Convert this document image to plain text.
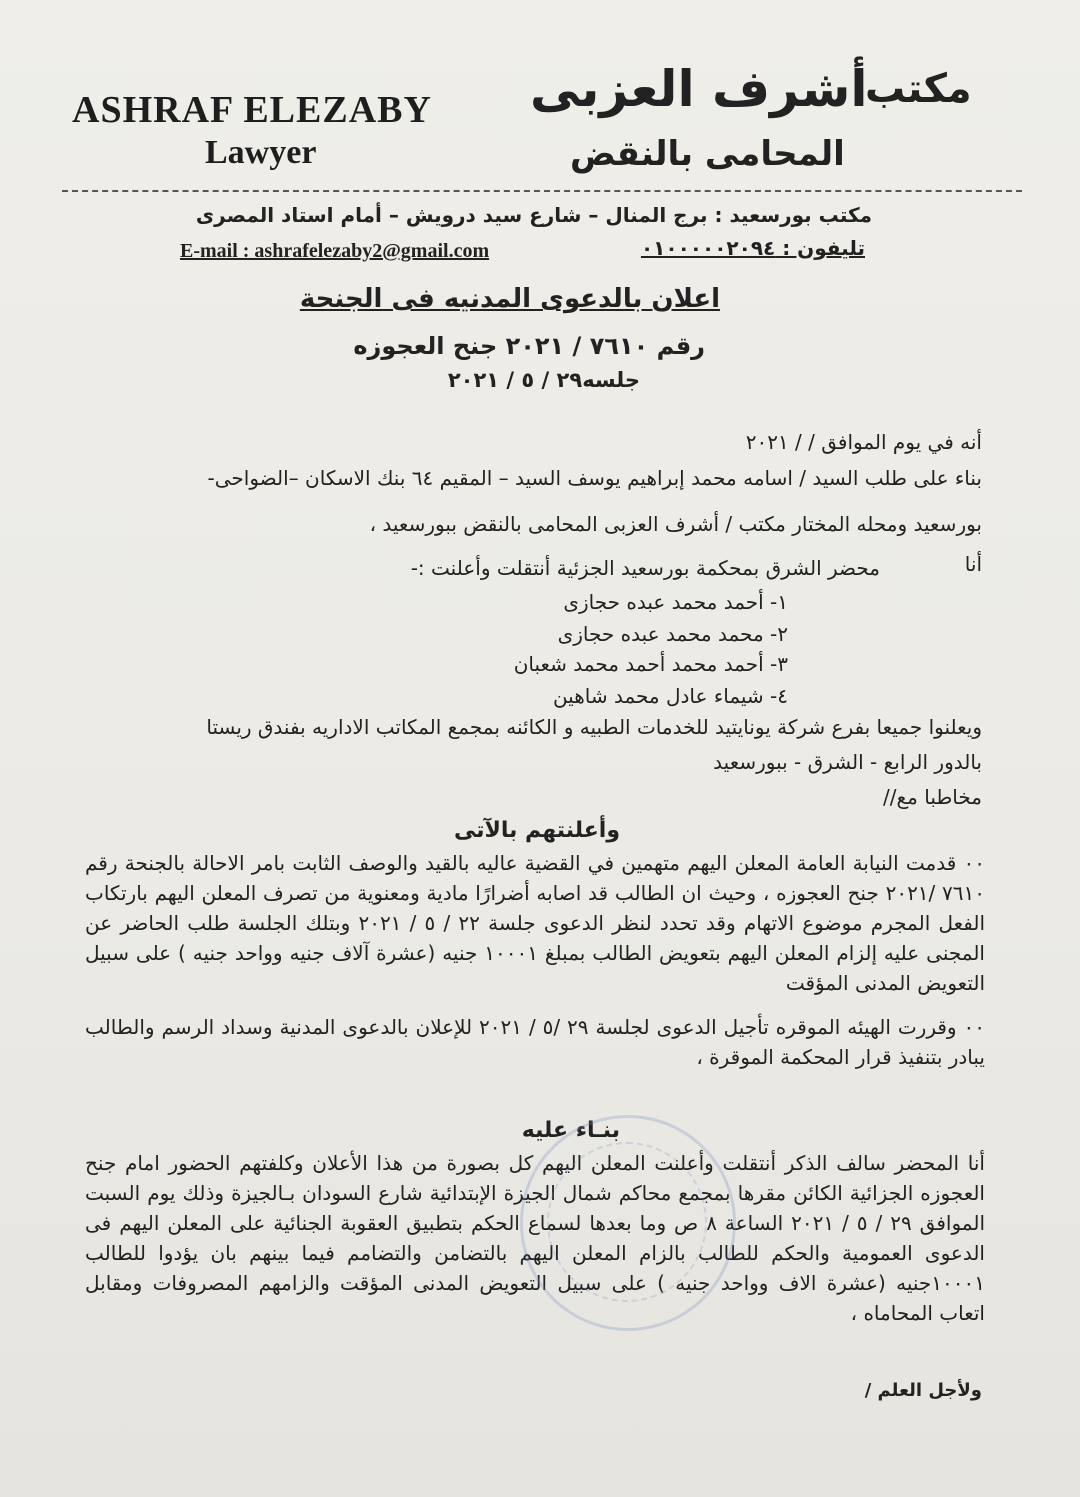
ASHRAF ELEZABY
Lawyer
مكتب
أشرف العزبى
المحامى بالنقض
مكتب بورسعيد : برج المنال – شارع سيد درويش – أمام استاد المصرى
تليفون : ٠١٠٠٠٠٠٢٠٩٤
E-mail : ashrafelezaby2@gmail.com
اعلان بالدعوى المدنيه فى الجنحة
رقم ٧٦١٠ / ٢٠٢١ جنح العجوزه
جلسه٢٩ / ٥ / ٢٠٢١
أنه في يوم الموافق / / ٢٠٢١
بناء على طلب السيد / اسامه محمد إبراهيم يوسف السيد – المقيم ٦٤ بنك الاسكان –الضواحى-
بورسعيد ومحله المختار مكتب / أشرف العزبى المحامى بالنقض ببورسعيد ،
أنا
محضر الشرق بمحكمة بورسعيد الجزئية أنتقلت وأعلنت :-
١- أحمد محمد عبده حجازى
٢- محمد محمد عبده حجازى
٣- أحمد محمد أحمد محمد شعبان
٤- شيماء عادل محمد شاهين
ويعلنوا جميعا بفرع شركة يونايتيد للخدمات الطبيه و الكائنه بمجمع المكاتب الاداريه بفندق ريستا
بالدور الرابع - الشرق - ببورسعيد
مخاطبا مع//
وأعلنتهم بالآتى
٠٠ قدمت النيابة العامة المعلن اليهم متهمين في القضية عاليه بالقيد والوصف الثابت بامر الاحالة بالجنحة رقم ٧٦١٠ /٢٠٢١ جنح العجوزه ، وحيث ان الطالب قد اصابه أضرارًا مادية ومعنوية من تصرف المعلن اليهم بارتكاب الفعل المجرم موضوع الاتهام وقد تحدد لنظر الدعوى جلسة ٢٢ / ٥ / ٢٠٢١ وبتلك الجلسة طلب الحاضر عن المجنى عليه إلزام المعلن اليهم بتعويض الطالب بمبلغ ١٠٠٠١ جنيه (عشرة آلاف جنيه وواحد جنيه ) على سبيل التعويض المدنى المؤقت
٠٠ وقررت الهيئه الموقره تأجيل الدعوى لجلسة ٢٩ /٥ / ٢٠٢١ للإعلان بالدعوى المدنية وسداد الرسم والطالب يبادر بتنفيذ قرار المحكمة الموقرة ،
بنـاء عليه
أنا المحضر سالف الذكر أنتقلت وأعلنت المعلن اليهم كل بصورة من هذا الأعلان وكلفتهم الحضور امام جنح العجوزه الجزائية الكائن مقرها بمجمع محاكم شمال الجيزة الإبتدائية شارع السودان بـالجيزة وذلك يوم السبت الموافق ٢٩ / ٥ / ٢٠٢١ الساعة ٨ ص وما بعدها لسماع الحكم بتطبيق العقوبة الجنائية على المعلن اليهم فى الدعوى العمومية والحكم للطالب بالزام المعلن اليهم بالتضامن والتضامم فيما بينهم بان يؤدوا للطالب ١٠٠٠١جنيه (عشرة الاف وواحد جنيه ) على سبيل التعويض المدنى المؤقت والزامهم المصروفات ومقابل اتعاب المحاماه ،
ولأجل العلم /
